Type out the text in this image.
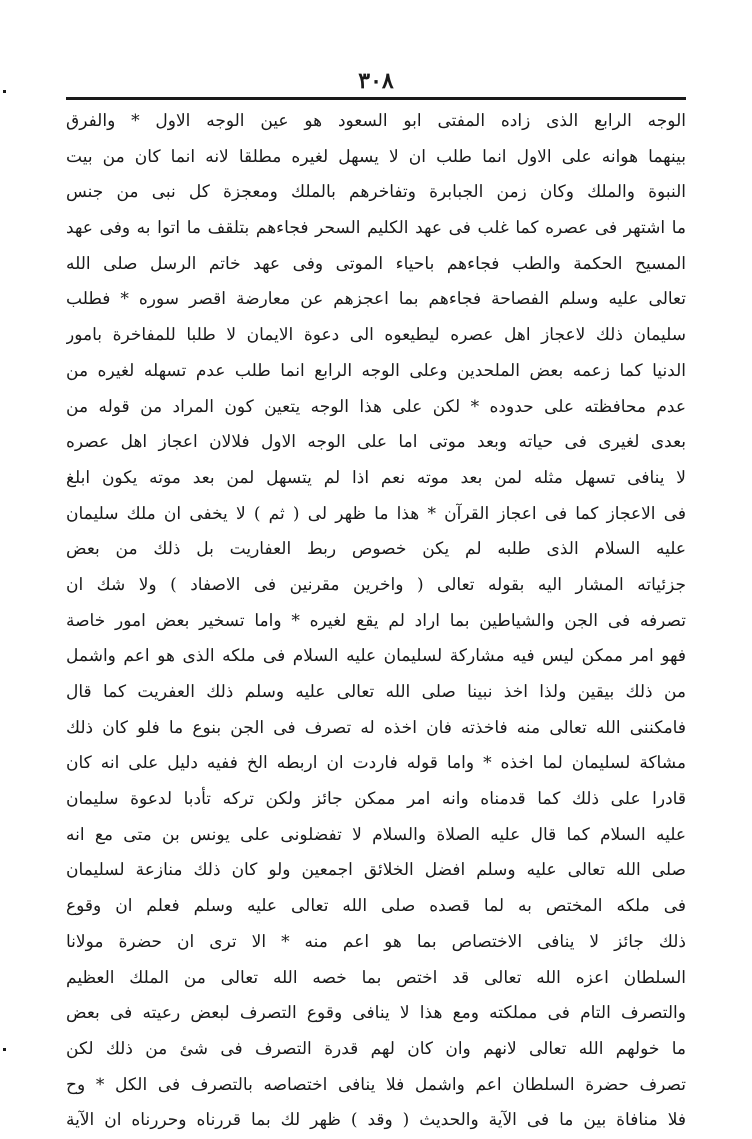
٣٠٨
الوجه الرابع الذى زاده المفتى ابو السعود هو عين الوجه الاول * والفرق
بينهما هوانه على الاول انما طلب ان لا يسهل لغيره مطلقا لانه انما كان من بيت
النبوة والملك وكان زمن الجبابرة وتفاخرهم بالملك ومعجزة كل نبى من جنس
ما اشتهر فى عصره كما غلب فى عهد الكليم السحر فجاءهم بتلقف ما اتوا به وفى عهد
المسيح الحكمة والطب فجاءهم باحياء الموتى وفى عهد خاتم الرسل صلى الله
تعالى عليه وسلم الفصاحة فجاءهم بما اعجزهم عن معارضة اقصر سوره * فطلب
سليمان ذلك لاعجاز اهل عصره ليطيعوه الى دعوة الايمان لا طلبا للمفاخرة بامور
الدنيا كما زعمه بعض الملحدين وعلى الوجه الرابع انما طلب عدم تسهله لغيره من
عدم محافظته على حدوده * لكن على هذا الوجه يتعين كون المراد من قوله من
بعدى لغيرى فى حياته وبعد موتى اما على الوجه الاول فلالان اعجاز اهل عصره
لا ينافى تسهل مثله لمن بعد موته نعم اذا لم يتسهل لمن بعد موته يكون ابلغ
فى الاعجاز كما فى اعجاز القرآن * هذا ما ظهر لى ( ثم ) لا يخفى ان ملك سليمان
عليه السلام الذى طلبه لم يكن خصوص ربط العفاريت بل ذلك من بعض
جزئياته المشار اليه بقوله تعالى ( واخرين مقرنين فى الاصفاد ) ولا شك ان
تصرفه فى الجن والشياطين بما اراد لم يقع لغيره * واما تسخير بعض امور خاصة
فهو امر ممكن ليس فيه مشاركة لسليمان عليه السلام فى ملكه الذى هو اعم واشمل
من ذلك بيقين ولذا اخذ نبينا صلى الله تعالى عليه وسلم ذلك العفريت كما قال
فامكننى الله تعالى منه فاخذته فان اخذه له تصرف فى الجن بنوع ما فلو كان ذلك
مشاكة لسليمان لما اخذه * واما قوله فاردت ان اربطه الخ ففيه دليل على انه كان
قادرا على ذلك كما قدمناه وانه امر ممكن جائز ولكن تركه تأدبا لدعوة سليمان
عليه السلام كما قال عليه الصلاة والسلام لا تفضلونى على يونس بن متى مع انه
صلى الله تعالى عليه وسلم افضل الخلائق اجمعين ولو كان ذلك منازعة لسليمان
فى ملكه المختص به لما قصده صلى الله تعالى عليه وسلم فعلم ان وقوع
ذلك جائز لا ينافى الاختصاص بما هو اعم منه * الا ترى ان حضرة مولانا
السلطان اعزه الله تعالى قد اختص بما خصه الله تعالى من الملك العظيم
والتصرف التام فى مملكته ومع هذا لا ينافى وقوع التصرف لبعض رعيته فى بعض
ما خولهم الله تعالى لانهم وان كان لهم قدرة التصرف فى شئ من ذلك لكن
تصرف حضرة السلطان اعم واشمل فلا ينافى اختصاصه بالتصرف فى الكل * وح
فلا منافاة بين ما فى الآية والحديث ( وقد ) ظهر لك بما قررناه وحررناه ان الآية
